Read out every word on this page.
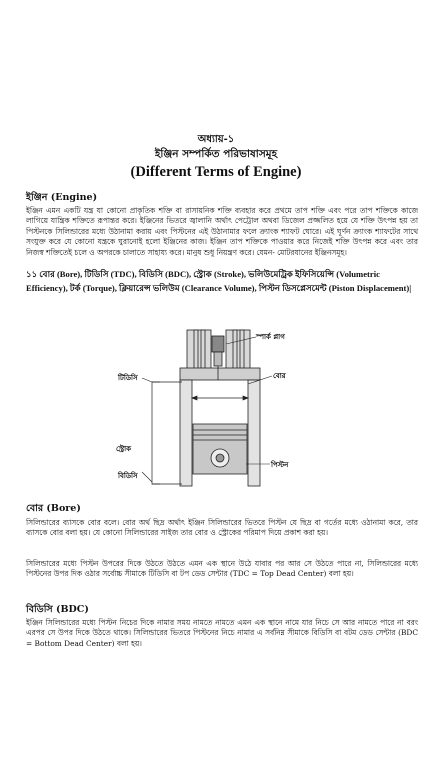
অধ্যায়-১
ইঞ্জিন সম্পর্কিত পরিভাষাসমূহ
(Different Terms of Engine)
ইঞ্জিন (Engine)
ইঞ্জিন এমন একটি যন্ত্র যা কোনো প্রাকৃতিক শক্তি বা রাসায়নিক শক্তি ব্যবহার করে প্রথমে তাপ শক্তি এবং পরে তাপ শক্তিকে কাজে লাগিয়ে যান্ত্রিক শক্তিতে রূপান্তর করে। ইঞ্জিনের ভিতরে জ্বালানি অর্থাৎ পেট্রোল অথবা ডিজেল প্রজ্জলিত হয়ে যে শক্তি উৎপন্ন হয় তা পিস্টনকে সিলিন্ডারের মধ্যে উঠানামা করায় এবং পিস্টনের এই উঠানামার ফলে ক্র্যাংক শ্যাফট ঘোরে। এই ঘূর্ণন ক্র্যাংক শ্যাফটের সাথে সংযুক্ত করে যে কোনো যন্ত্রকে ঘুরানোই হলো ইঞ্জিনের কাজ। ইঞ্জিন তাপ শক্তিকে পাওয়ার করে নিজেই শক্তি উৎপন্ন করে এবং তার নিজস্ব শক্তিতেই চলে ও অপরকে চালাতে সাহায্য করে। মানুষ শুধু নিয়ন্ত্রণ করে। যেমন- মোটরযানের ইঞ্জিনসমূহ।
১১ বোর (Bore), টিডিসি (TDC), বিডিসি (BDC), স্ট্রোক (Stroke), ভলিউমেট্রিক ইফিসিয়েন্সি (Volumetric Efficiency), টর্ক (Torque), ক্লিয়ারেন্স ভলিউম (Clearance Volume), পিস্টন ডিসপ্লেসমেন্ট (Piston Displacement)|
স্পার্ক প্লাগ
বোর
টিডিসি
স্ট্রোক
বিডিসি
পিস্টন
বোর (Bore)
সিলিন্ডারের ব্যাসকে বোর বলে। বোর অর্থ ছিদ্র অর্থাৎ ইঞ্জিন সিলিন্ডারের ভিতরে পিস্টন যে ছিদ্র বা গর্তের মধ্যে ওঠানামা করে, তার ব্যাসকে বোর বলা হয়। যে কোনো সিলিন্ডারের সাইজ তার বোর ও স্ট্রোকের পরিমাপ দিয়ে প্রকাশ করা হয়।
সিলিন্ডারের মধ্যে পিস্টন উপরের দিকে উঠতে উঠতে এমন এক স্থানে উঠে যাবার পর আর সে উঠতে পারে না, সিলিন্ডারের মধ্যে পিস্টনের উপর দিক ওঠার সর্বোচ্চ সীমাকে টিডিসি বা টপ ডেড সেন্টার (TDC = Top Dead Center) বলা হয়।
বিডিসি (BDC)
ইঞ্জিন সিলিন্ডারের মধ্যে পিস্টন নিচের দিকে নামার সময় নামতে নামতে এমন এক স্থানে নামে যার নিচে সে আর নামতে পারে না বরং এরপর সে উপর দিকে উঠতে থাকে। সিলিন্ডারের ভিতরে পিস্টনের নিচে নামার এ সর্বনিম্ন সীমাকে বিডিসি বা বটম ডেড সেন্টার (BDC = Bottom Dead Center) বলা হয়।
